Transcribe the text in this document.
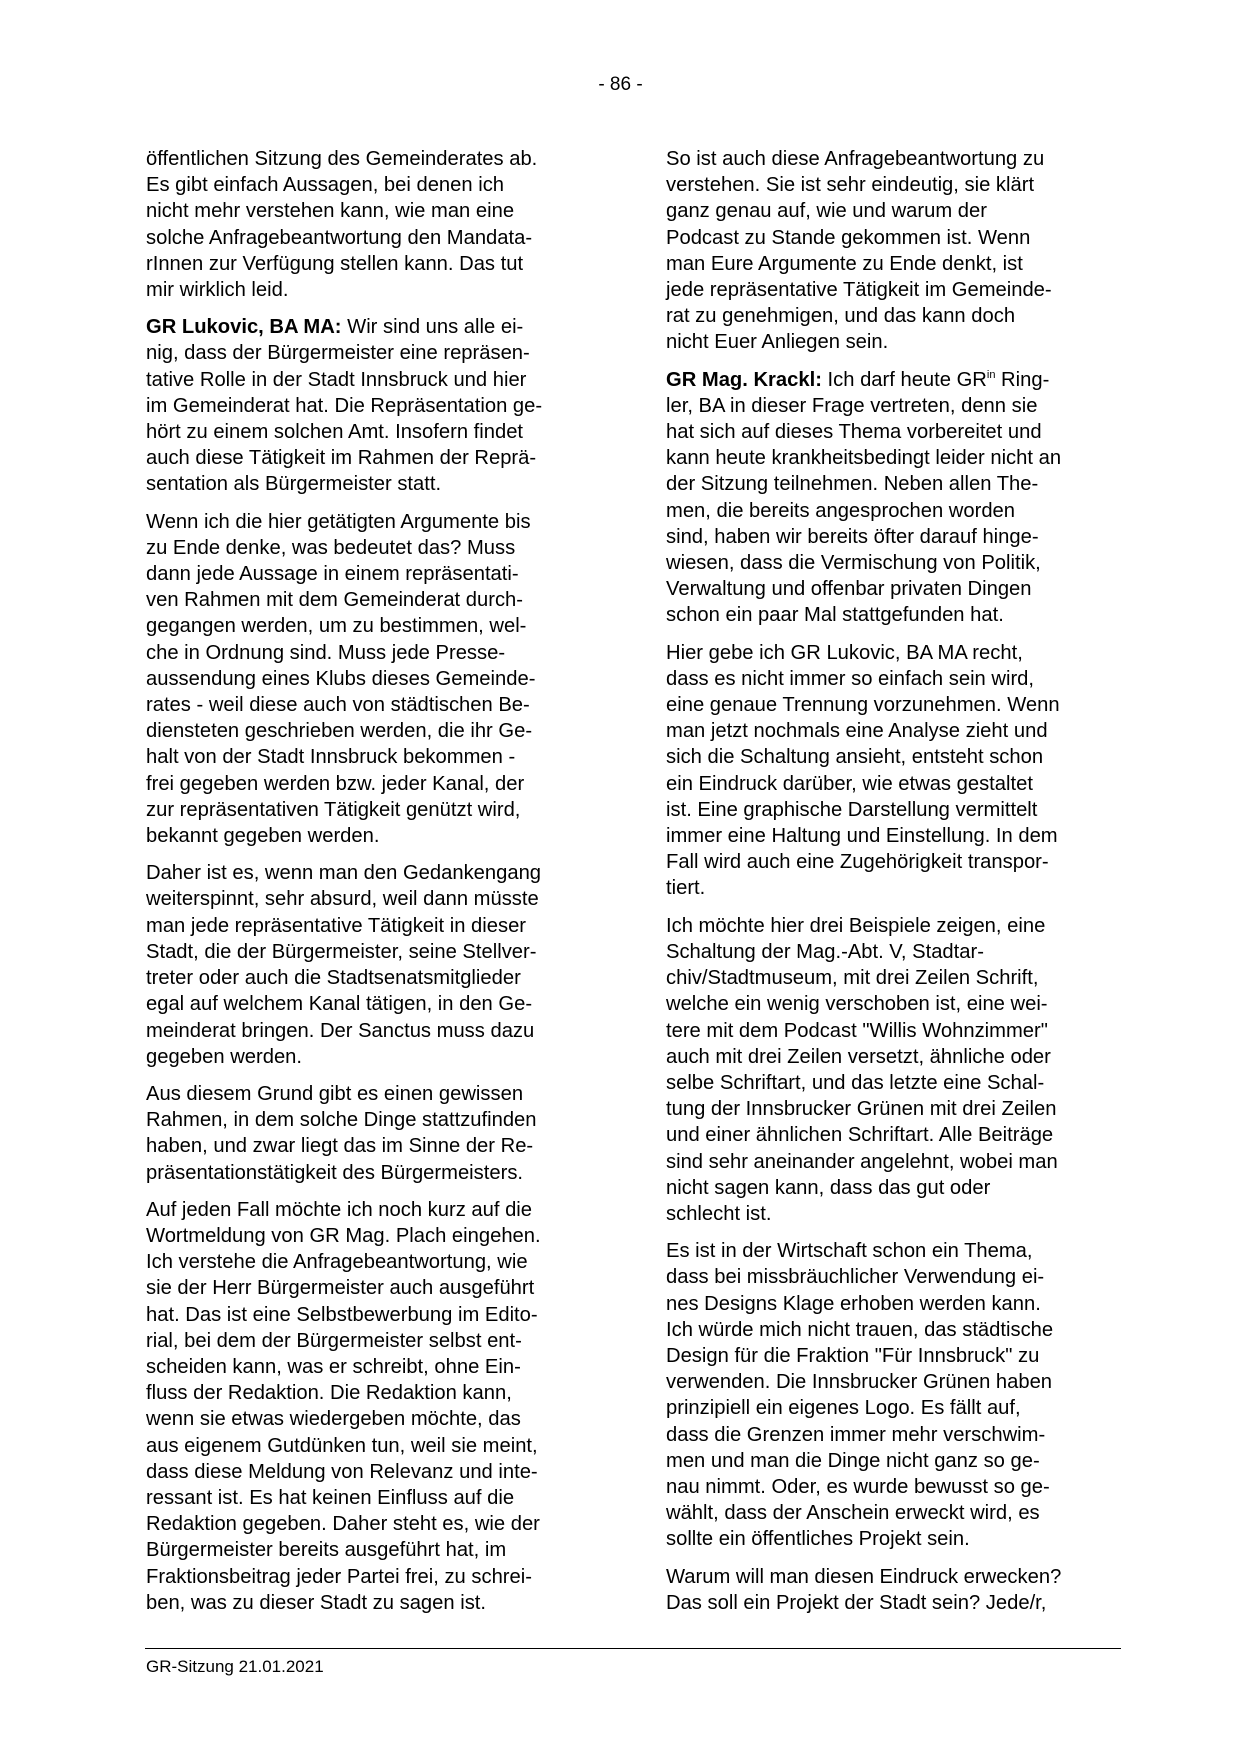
- 86 -

öffentlichen Sitzung des Gemeinderates ab.
Es gibt einfach Aussagen, bei denen ich
nicht mehr verstehen kann, wie man eine
solche Anfragebeantwortung den Mandata-
rInnen zur Verfügung stellen kann. Das tut
mir wirklich leid.

GR Lukovic, BA MA: Wir sind uns alle ei-
nig, dass der Bürgermeister eine repräsen-
tative Rolle in der Stadt Innsbruck und hier
im Gemeinderat hat. Die Repräsentation ge-
hört zu einem solchen Amt. Insofern findet
auch diese Tätigkeit im Rahmen der Reprä-
sentation als Bürgermeister statt.

Wenn ich die hier getätigten Argumente bis
zu Ende denke, was bedeutet das? Muss
dann jede Aussage in einem repräsentati-
ven Rahmen mit dem Gemeinderat durch-
gegangen werden, um zu bestimmen, wel-
che in Ordnung sind. Muss jede Presse-
aussendung eines Klubs dieses Gemeinde-
rates - weil diese auch von städtischen Be-
diensteten geschrieben werden, die ihr Ge-
halt von der Stadt Innsbruck bekommen -
frei gegeben werden bzw. jeder Kanal, der
zur repräsentativen Tätigkeit genützt wird,
bekannt gegeben werden.

Daher ist es, wenn man den Gedankengang
weiterspinnt, sehr absurd, weil dann müsste
man jede repräsentative Tätigkeit in dieser
Stadt, die der Bürgermeister, seine Stellver-
treter oder auch die Stadtsenatsmitglieder
egal auf welchem Kanal tätigen, in den Ge-
meinderat bringen. Der Sanctus muss dazu
gegeben werden.

Aus diesem Grund gibt es einen gewissen
Rahmen, in dem solche Dinge stattzufinden
haben, und zwar liegt das im Sinne der Re-
präsentationstätigkeit des Bürgermeisters.

Auf jeden Fall möchte ich noch kurz auf die
Wortmeldung von GR Mag. Plach eingehen.
Ich verstehe die Anfragebeantwortung, wie
sie der Herr Bürgermeister auch ausgeführt
hat. Das ist eine Selbstbewerbung im Edito-
rial, bei dem der Bürgermeister selbst ent-
scheiden kann, was er schreibt, ohne Ein-
fluss der Redaktion. Die Redaktion kann,
wenn sie etwas wiedergeben möchte, das
aus eigenem Gutdünken tun, weil sie meint,
dass diese Meldung von Relevanz und inte-
ressant ist. Es hat keinen Einfluss auf die
Redaktion gegeben. Daher steht es, wie der
Bürgermeister bereits ausgeführt hat, im
Fraktionsbeitrag jeder Partei frei, zu schrei-
ben, was zu dieser Stadt zu sagen ist.

So ist auch diese Anfragebeantwortung zu
verstehen. Sie ist sehr eindeutig, sie klärt
ganz genau auf, wie und warum der
Podcast zu Stande gekommen ist. Wenn
man Eure Argumente zu Ende denkt, ist
jede repräsentative Tätigkeit im Gemeinde-
rat zu genehmigen, und das kann doch
nicht Euer Anliegen sein.

GR Mag. Krackl: Ich darf heute $GR^{in}$ Ring-
ler, BA in dieser Frage vertreten, denn sie
hat sich auf dieses Thema vorbereitet und
kann heute krankheitsbedingt leider nicht an
der Sitzung teilnehmen. Neben allen The-
men, die bereits angesprochen worden
sind, haben wir bereits öfter darauf hinge-
wiesen, dass die Vermischung von Politik,
Verwaltung und offenbar privaten Dingen
schon ein paar Mal stattgefunden hat.

Hier gebe ich GR Lukovic, BA MA recht,
dass es nicht immer so einfach sein wird,
eine genaue Trennung vorzunehmen. Wenn
man jetzt nochmals eine Analyse zieht und
sich die Schaltung ansieht, entsteht schon
ein Eindruck darüber, wie etwas gestaltet
ist. Eine graphische Darstellung vermittelt
immer eine Haltung und Einstellung. In dem
Fall wird auch eine Zugehörigkeit transpor-
tiert.

Ich möchte hier drei Beispiele zeigen, eine
Schaltung der Mag.-Abt. V, Stadtar-
chiv/Stadtmuseum, mit drei Zeilen Schrift,
welche ein wenig verschoben ist, eine wei-
tere mit dem Podcast "Willis Wohnzimmer"
auch mit drei Zeilen versetzt, ähnliche oder
selbe Schriftart, und das letzte eine Schal-
tung der Innsbrucker Grünen mit drei Zeilen
und einer ähnlichen Schriftart. Alle Beiträge
sind sehr aneinander angelehnt, wobei man
nicht sagen kann, dass das gut oder
schlecht ist.

Es ist in der Wirtschaft schon ein Thema,
dass bei missbräuchlicher Verwendung ei-
nes Designs Klage erhoben werden kann.
Ich würde mich nicht trauen, das städtische
Design für die Fraktion "Für Innsbruck" zu
verwenden. Die Innsbrucker Grünen haben
prinzipiell ein eigenes Logo. Es fällt auf,
dass die Grenzen immer mehr verschwim-
men und man die Dinge nicht ganz so ge-
nau nimmt. Oder, es wurde bewusst so ge-
wählt, dass der Anschein erweckt wird, es
sollte ein öffentliches Projekt sein.

Warum will man diesen Eindruck erwecken?
Das soll ein Projekt der Stadt sein? Jede/r,

GR-Sitzung 21.01.2021
